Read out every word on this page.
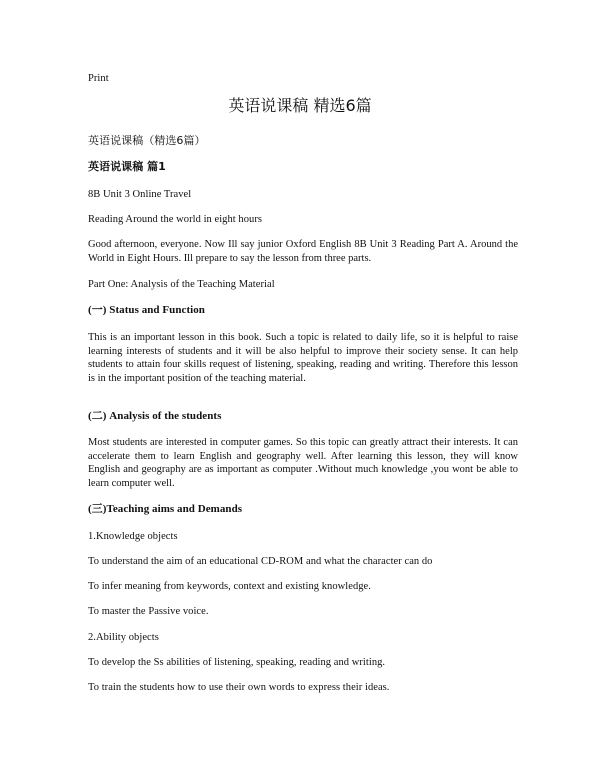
Print
英语说课稿 精选6篇
英语说课稿（精选6篇）
英语说课稿 篇1
8B Unit 3 Online Travel
Reading Around the world in eight hours
Good afternoon, everyone. Now Ill say junior Oxford English 8B Unit 3 Reading Part A. Around the World in Eight Hours. Ill prepare to say the lesson from three parts.
Part One: Analysis of the Teaching Material
(一) Status and Function
This is an important lesson in this book. Such a topic is related to daily life, so it is helpful to raise learning interests of students and it will be also helpful to improve their society sense. It can help students to attain four skills request of listening, speaking, reading and writing. Therefore this lesson is in the important position of the teaching material.
(二) Analysis of the students
Most students are interested in computer games. So this topic can greatly attract their interests. It can accelerate them to learn English and geography well. After learning this lesson, they will know English and geography are as important as computer .Without much knowledge ,you wont be able to learn computer well.
(三)Teaching aims and Demands
1.Knowledge objects
To understand the aim of an educational CD-ROM and what the character can do
To infer meaning from keywords, context and existing knowledge.
To master the Passive voice.
2.Ability objects
To develop the Ss abilities of listening, speaking, reading and writing.
To train the students how to use their own words to express their ideas.
